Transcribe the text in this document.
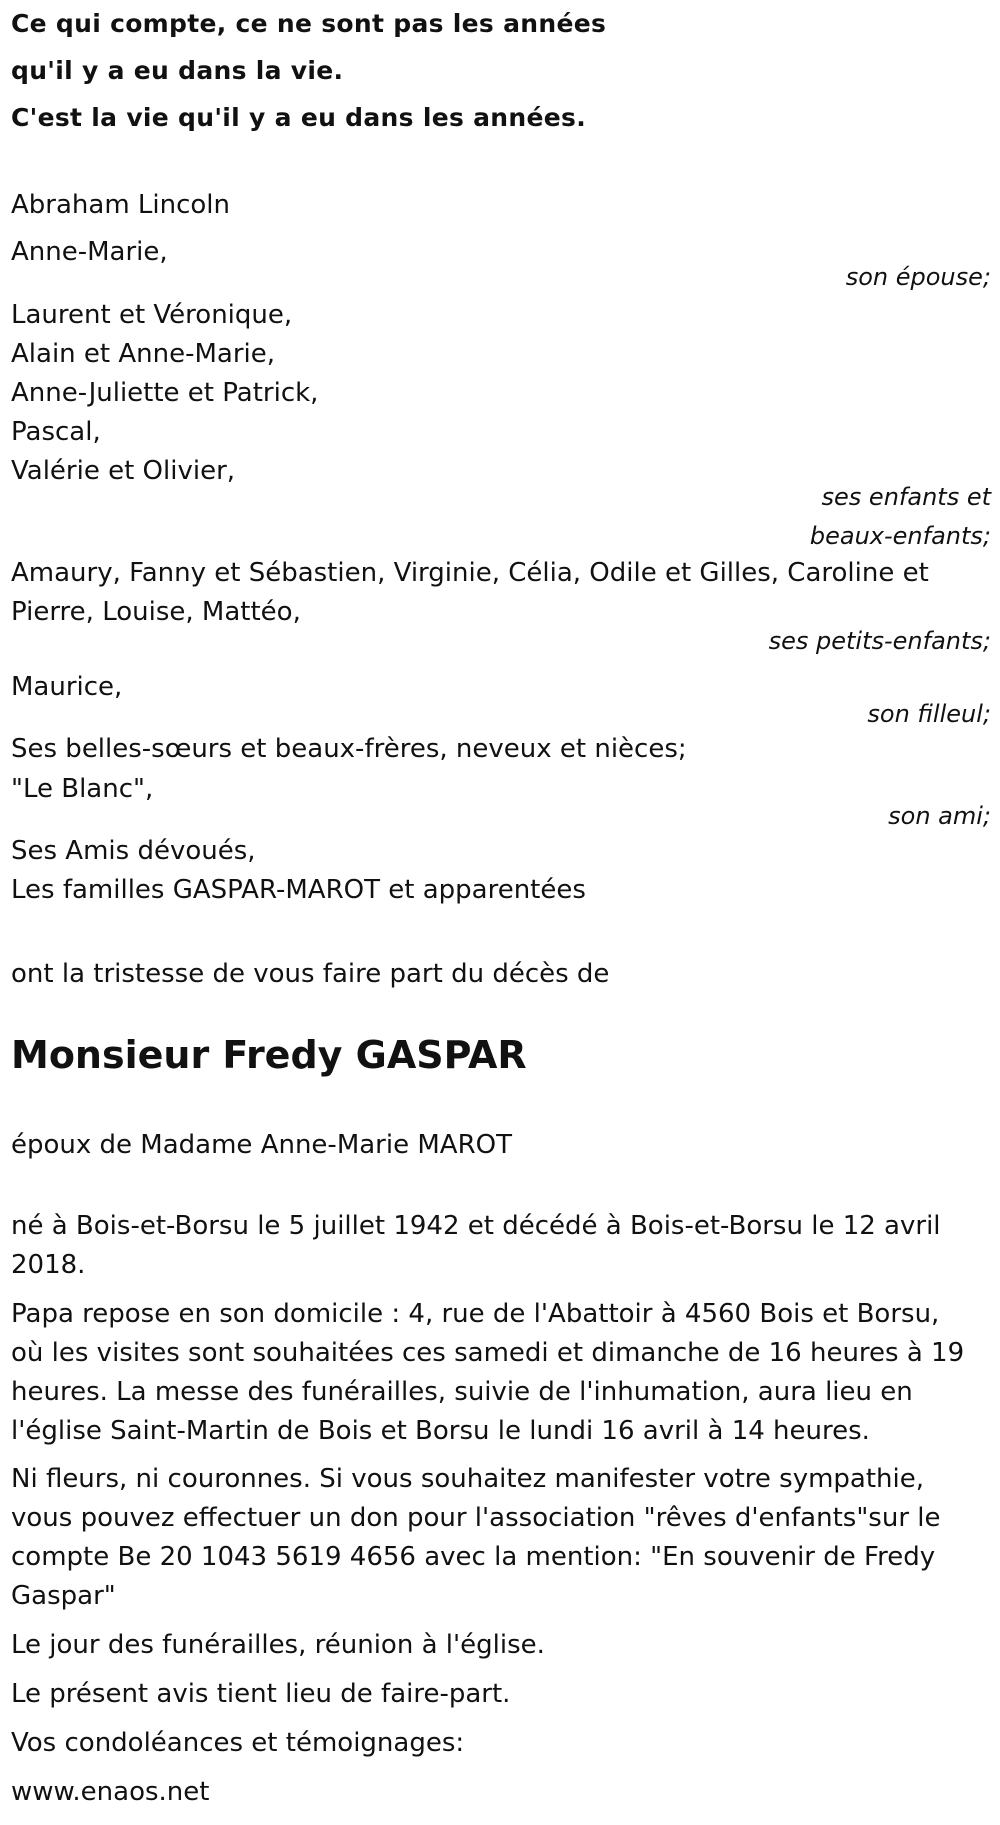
Ce qui compte, ce ne sont pas les années
qu'il y a eu dans la vie.
C'est la vie qu'il y a eu dans les années.
Abraham Lincoln
Anne-Marie,
son épouse;
Laurent et Véronique,
Alain et Anne-Marie,
Anne-Juliette et Patrick,
Pascal,
Valérie et Olivier,
ses enfants et
beaux-enfants;
Amaury, Fanny et Sébastien, Virginie, Célia, Odile et Gilles, Caroline et
Pierre, Louise, Mattéo,
ses petits-enfants;
Maurice,
son filleul;
Ses belles-sœurs et beaux-frères, neveux et nièces;
"Le Blanc",
son ami;
Ses Amis dévoués,
Les familles GASPAR-MAROT et apparentées
ont la tristesse de vous faire part du décès de
Monsieur Fredy GASPAR
époux de Madame Anne-Marie MAROT
né à Bois-et-Borsu le 5 juillet 1942 et décédé à Bois-et-Borsu le 12 avril
2018.
Papa repose en son domicile : 4, rue de l'Abattoir à 4560 Bois et Borsu,
où les visites sont souhaitées ces samedi et dimanche de 16 heures à 19
heures. La messe des funérailles, suivie de l'inhumation, aura lieu en
l'église Saint-Martin de Bois et Borsu le lundi 16 avril à 14 heures.
Ni fleurs, ni couronnes. Si vous souhaitez manifester votre sympathie,
vous pouvez effectuer un don pour l'association "rêves d'enfants"sur le
compte Be 20 1043 5619 4656 avec la mention: "En souvenir de Fredy
Gaspar"
Le jour des funérailles, réunion à l'église.
Le présent avis tient lieu de faire-part.
Vos condoléances et témoignages:
www.enaos.net
